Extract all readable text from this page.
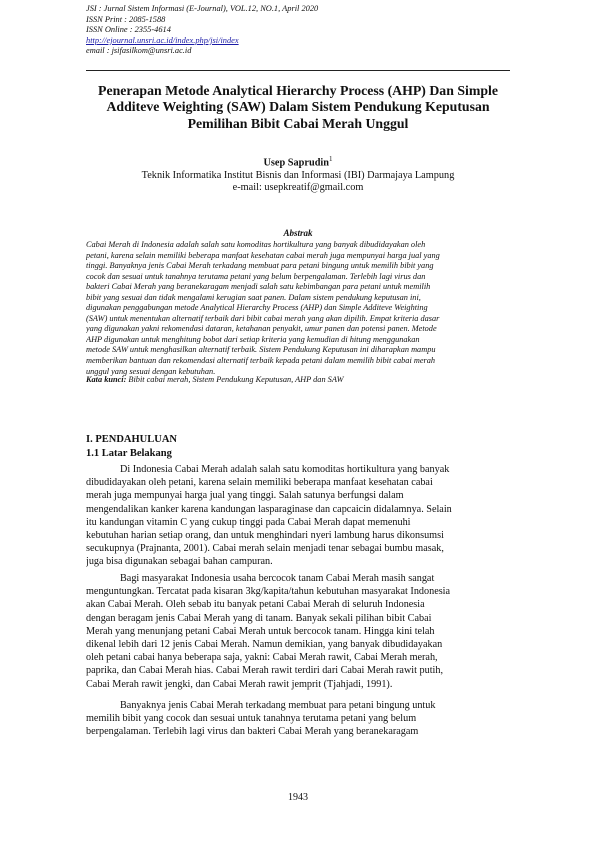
JSI : Jurnal Sistem Informasi (E-Journal), VOL.12, NO.1, April 2020
ISSN Print : 2085-1588
ISSN Online : 2355-4614
http://ejournal.unsri.ac.id/index.php/jsi/index
email : jsifasilkom@unsri.ac.id
Penerapan Metode Analytical Hierarchy Process (AHP) Dan Simple
Additeve Weighting (SAW) Dalam Sistem Pendukung Keputusan
Pemilihan Bibit Cabai Merah Unggul
Usep Saprudin$^1$
Teknik Informatika Institut Bisnis dan Informasi (IBI) Darmajaya Lampung
e-mail: usepkreatif@gmail.com
Abstrak
Cabai Merah di Indonesia adalah salah satu komoditas hortikultura yang banyak dibudidayakan oleh
petani, karena selain memiliki beberapa manfaat kesehatan cabai merah juga mempunyai harga jual yang
tinggi. Banyaknya jenis Cabai Merah terkadang membuat para petani bingung untuk memilih bibit yang
cocok dan sesuai untuk tanahnya terutama petani yang belum berpengalaman. Terlebih lagi virus dan
bakteri Cabai Merah yang beranekaragam menjadi salah satu kebimbangan para petani untuk memilih
bibit yang sesuai dan tidak mengalami kerugian saat panen. Dalam sistem pendukung keputusan ini,
digunakan penggabungan metode Analytical Hierarchy Process (AHP) dan Simple Additeve Weighting
(SAW) untuk menentukan alternatif terbaik dari bibit cabai merah yang akan dipilih. Empat kriteria dasar
yang digunakan yakni rekomendasi dataran, ketahanan penyakit, umur panen dan potensi panen. Metode
AHP digunakan untuk menghitung bobot dari setiap kriteria yang kemudian di hitung menggunakan
metode SAW untuk menghasilkan alternatif terbaik. Sistem Pendukung Keputusan ini diharapkan mampu
memberikan bantuan dan rekomendasi alternatif terbaik kepada petani dalam memilih bibit cabai merah
unggul yang sesuai dengan kebutuhan.
Kata kunci: Bibit cabai merah, Sistem Pendukung Keputusan, AHP dan SAW
I. PENDAHULUAN
1.1 Latar Belakang
Di Indonesia Cabai Merah adalah salah satu komoditas hortikultura yang banyak
dibudidayakan oleh petani, karena selain memiliki beberapa manfaat kesehatan cabai
merah juga mempunyai harga jual yang tinggi. Salah satunya berfungsi dalam
mengendalikan kanker karena kandungan lasparaginase dan capcaicin didalamnya. Selain
itu kandungan vitamin C yang cukup tinggi pada Cabai Merah dapat memenuhi
kebutuhan harian setiap orang, dan untuk menghindari nyeri lambung harus dikonsumsi
secukupnya (Prajnanta, 2001). Cabai merah selain menjadi tenar sebagai bumbu masak,
juga bisa digunakan sebagai bahan campuran.
Bagi masyarakat Indonesia usaha bercocok tanam Cabai Merah masih sangat
menguntungkan. Tercatat pada kisaran 3kg/kapita/tahun kebutuhan masyarakat Indonesia
akan Cabai Merah. Oleh sebab itu banyak petani Cabai Merah di seluruh Indonesia
dengan beragam jenis Cabai Merah yang di tanam. Banyak sekali pilihan bibit Cabai
Merah yang menunjang petani Cabai Merah untuk bercocok tanam. Hingga kini telah
dikenal lebih dari 12 jenis Cabai Merah. Namun demikian, yang banyak dibudidayakan
oleh petani cabai hanya beberapa saja, yakni: Cabai Merah rawit, Cabai Merah merah,
paprika, dan Cabai Merah hias. Cabai Merah rawit terdiri dari Cabai Merah rawit putih,
Cabai Merah rawit jengki, dan Cabai Merah rawit jemprit (Tjahjadi, 1991).
Banyaknya jenis Cabai Merah terkadang membuat para petani bingung untuk
memilih bibit yang cocok dan sesuai untuk tanahnya terutama petani yang belum
berpengalaman. Terlebih lagi virus dan bakteri Cabai Merah yang beranekaragam
1943
